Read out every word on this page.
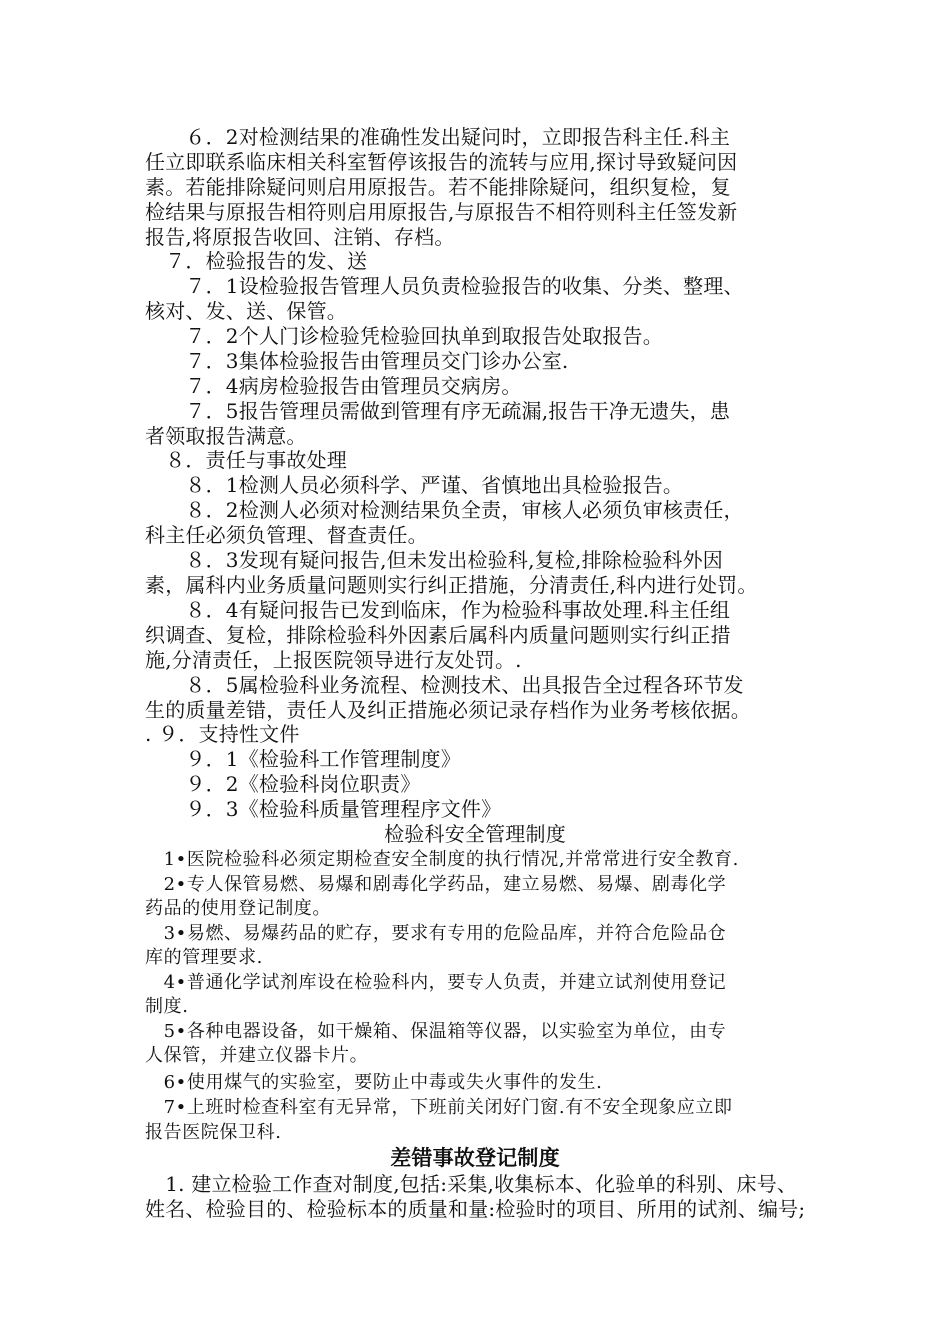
　　６．2对检测结果的准确性发出疑问时，立即报告科主任.科主
任立即联系临床相关科室暂停该报告的流转与应用,探讨导致疑问因
素。若能排除疑问则启用原报告。若不能排除疑问，组织复检，复
检结果与原报告相符则启用原报告,与原报告不相符则科主任签发新
报告,将原报告收回、注销、存档。
　７．检验报告的发、送
　　７．1设检验报告管理人员负责检验报告的收集、分类、整理、
核对、发、送、保管。
　　７．2个人门诊检验凭检验回执单到取报告处取报告。
　　７．3集体检验报告由管理员交门诊办公室.
　　７．4病房检验报告由管理员交病房。
　　７．5报告管理员需做到管理有序无疏漏,报告干净无遗失，患
者领取报告满意。
　８．责任与事故处理
　　８．1检测人员必须科学、严谨、省慎地出具检验报告。
　　８．2检测人必须对检测结果负全责，审核人必须负审核责任，
科主任必须负管理、督查责任。
　　８．3发现有疑问报告,但未发出检验科,复检,排除检验科外因
素，属科内业务质量问题则实行纠正措施，分清责任,科内进行处罚。
　　８．4有疑问报告已发到临床，作为检验科事故处理.科主任组
织调查、复检，排除检验科外因素后属科内质量问题则实行纠正措
施,分清责任，上报医院领导进行友处罚。.
　　８．5属检验科业务流程、检测技术、出具报告全过程各环节发
生的质量差错，责任人及纠正措施必须记录存档作为业务考核依据。
. ９．支持性文件
　　９．1《检验科工作管理制度》
　　９．2《检验科岗位职责》
　　９．3《检验科质量管理程序文件》
检验科安全管理制度
　1•医院检验科必须定期检查安全制度的执行情况,并常常进行安全教育.
　2•专人保管易燃、易爆和剧毒化学药品，建立易燃、易爆、剧毒化学
药品的使用登记制度。
　3•易燃、易爆药品的贮存，要求有专用的危险品库，并符合危险品仓
库的管理要求.
　4•普通化学试剂库设在检验科内，要专人负责，并建立试剂使用登记
制度.
　5•各种电器设备，如干燥箱、保温箱等仪器，以实验室为单位，由专
人保管，并建立仪器卡片。
　6•使用煤气的实验室，要防止中毒或失火事件的发生.
　7•上班时检查科室有无异常，下班前关闭好门窗.有不安全现象应立即
报告医院保卫科.
差错事故登记制度
　1. 建立检验工作查对制度,包括:采集,收集标本、化验单的科别、床号、
姓名、检验目的、检验标本的质量和量:检验时的项目、所用的试剂、编号;
